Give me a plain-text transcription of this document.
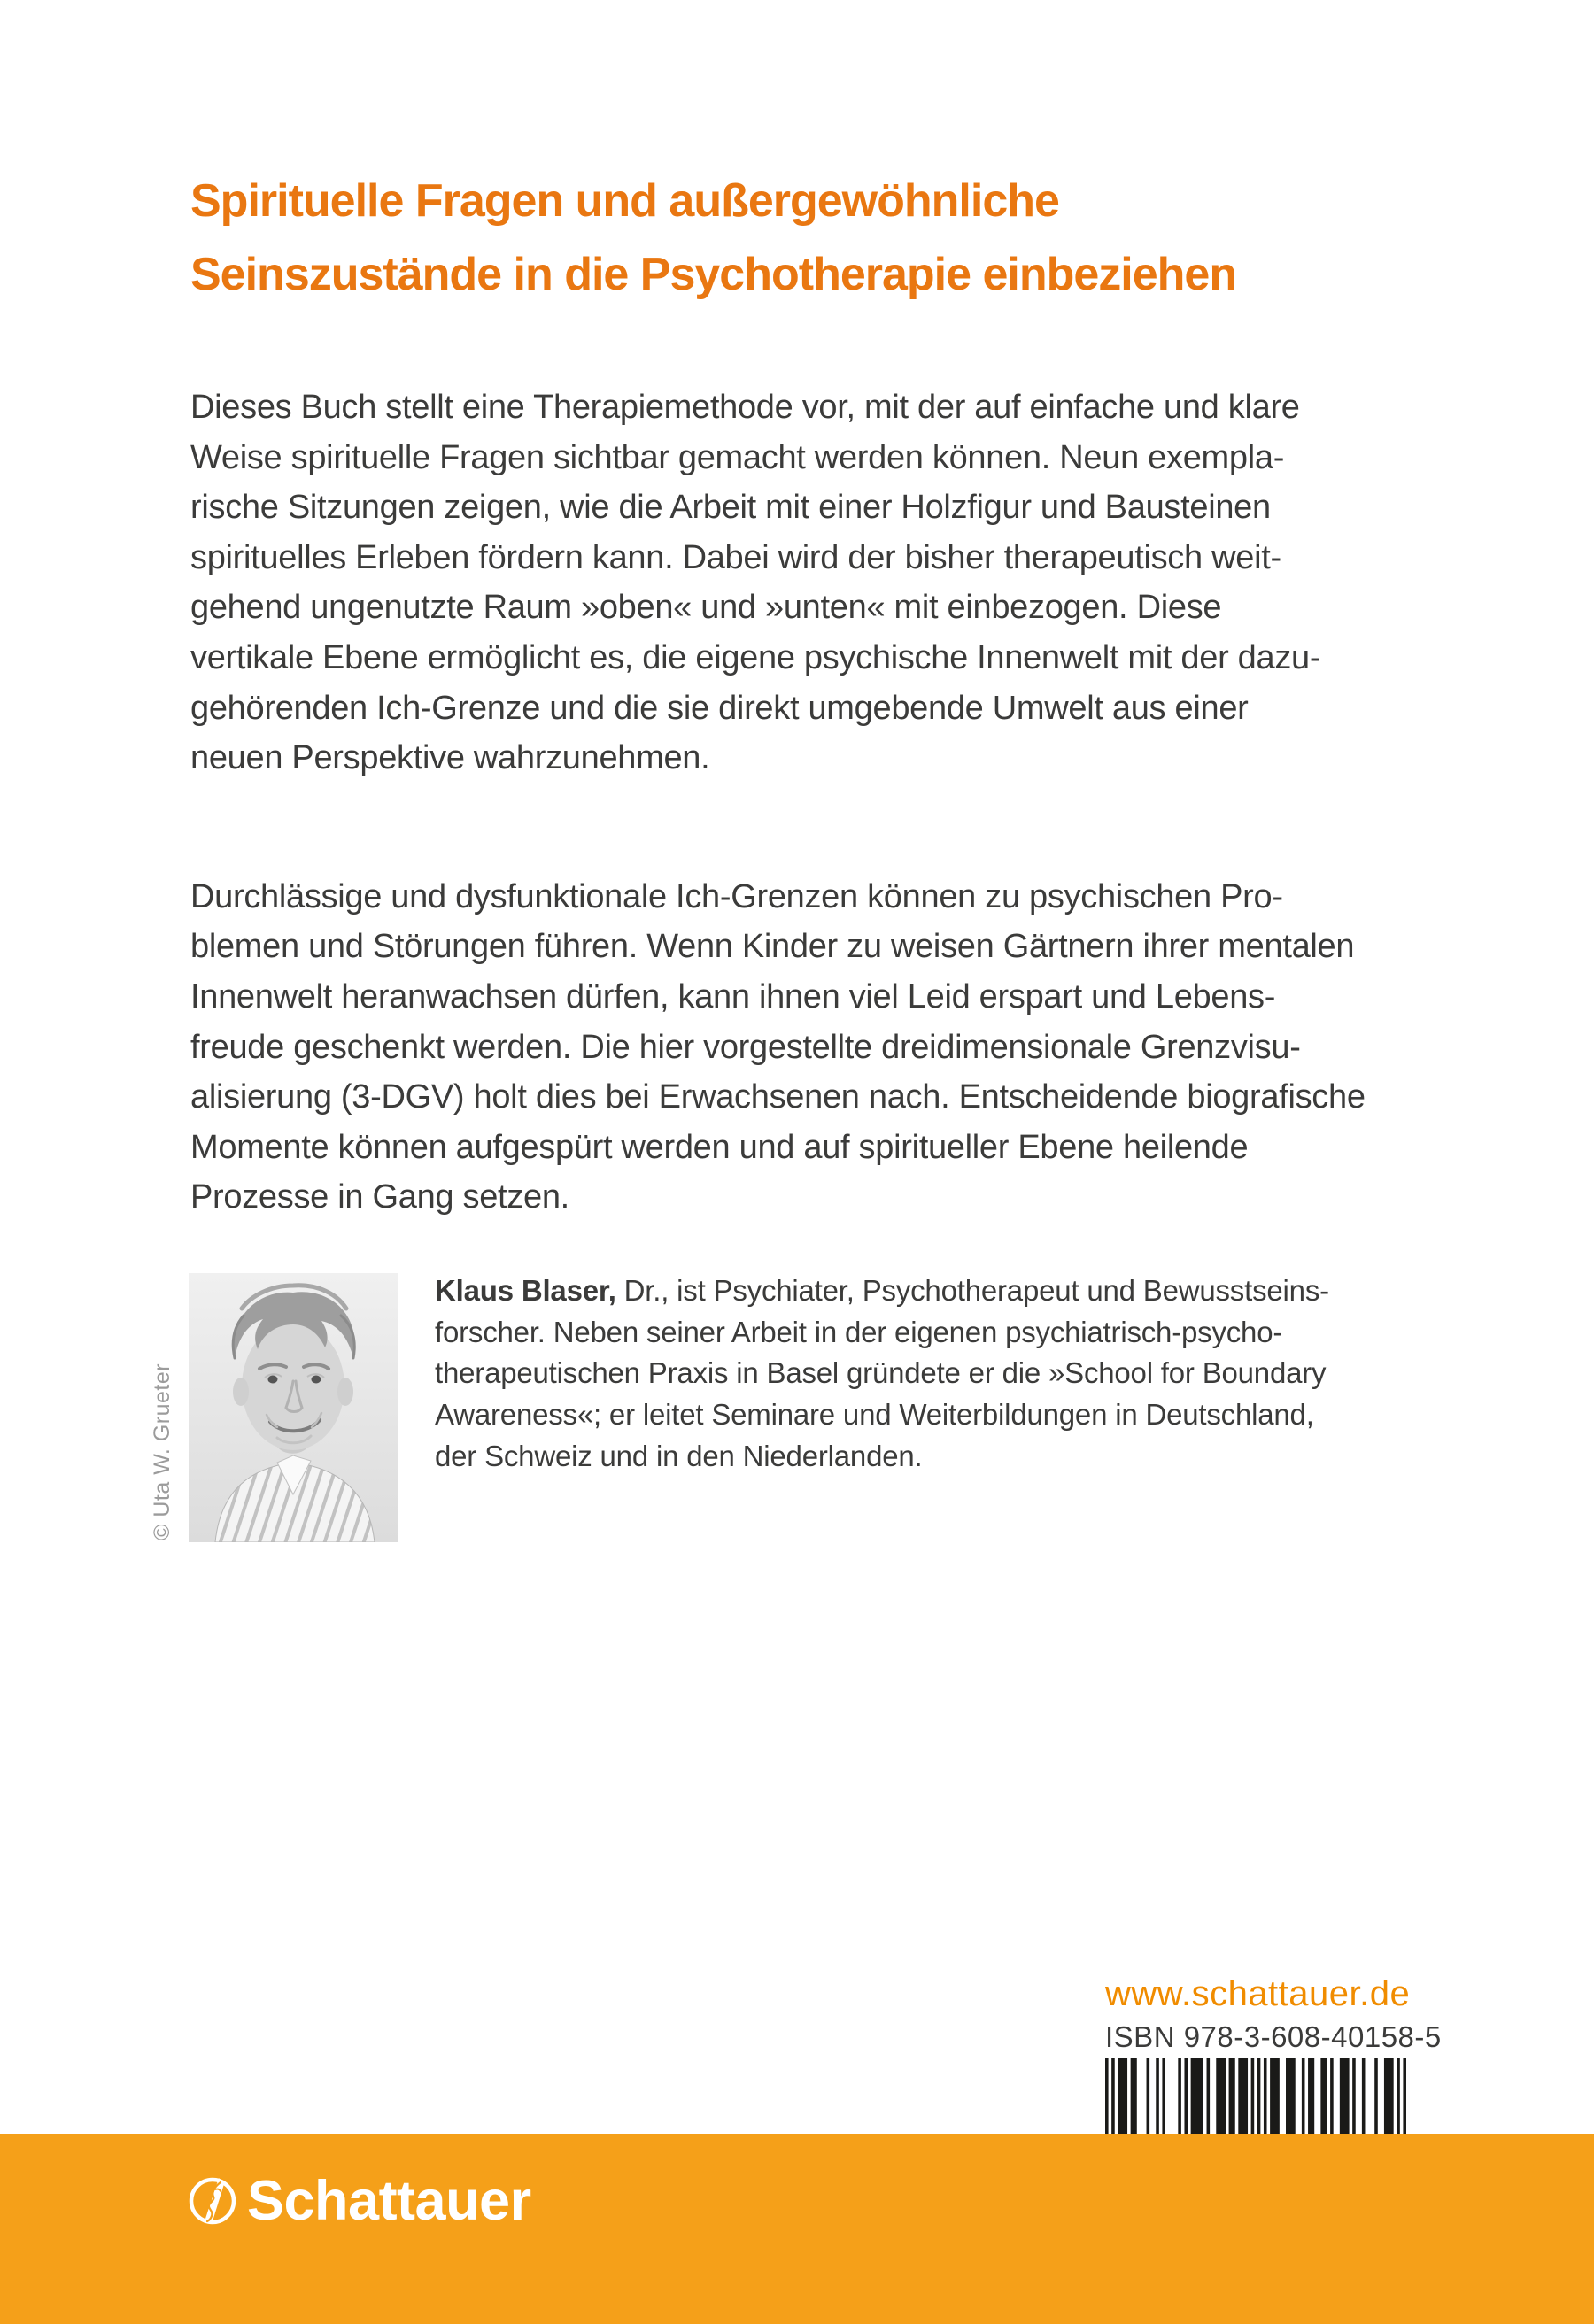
Spirituelle Fragen und außergewöhnliche
Seinszustände in die Psychotherapie einbeziehen
Dieses Buch stellt eine Therapiemethode vor, mit der auf einfache und klare
Weise spirituelle Fragen sichtbar gemacht werden können. Neun exempla-
rische Sitzungen zeigen, wie die Arbeit mit einer Holzfigur und Bausteinen
spirituelles Erleben fördern kann. Dabei wird der bisher therapeutisch weit-
gehend ungenutzte Raum »oben« und »unten« mit einbezogen. Diese
vertikale Ebene ermöglicht es, die eigene psychische Innenwelt mit der dazu-
gehörenden Ich-Grenze und die sie direkt umgebende Umwelt aus einer
neuen Perspektive wahrzunehmen.
Durchlässige und dysfunktionale Ich-Grenzen können zu psychischen Pro-
blemen und Störungen führen. Wenn Kinder zu weisen Gärtnern ihrer mentalen
Innenwelt heranwachsen dürfen, kann ihnen viel Leid erspart und Lebens-
freude geschenkt werden. Die hier vorgestellte dreidimensionale Grenzvisu-
alisierung (3-DGV) holt dies bei Erwachsenen nach. Entscheidende biografische
Momente können aufgespürt werden und auf spiritueller Ebene heilende
Prozesse in Gang setzen.
© Uta W. Grueter
Klaus Blaser, Dr., ist Psychiater, Psychotherapeut und Bewusstseins-
forscher. Neben seiner Arbeit in der eigenen psychiatrisch-psycho-
therapeutischen Praxis in Basel gründete er die »School for Boundary
Awareness«; er leitet Seminare und Weiterbildungen in Deutschland,
der Schweiz und in den Niederlanden.
www.schattauer.de
ISBN 978-3-608-40158-5
Schattauer
